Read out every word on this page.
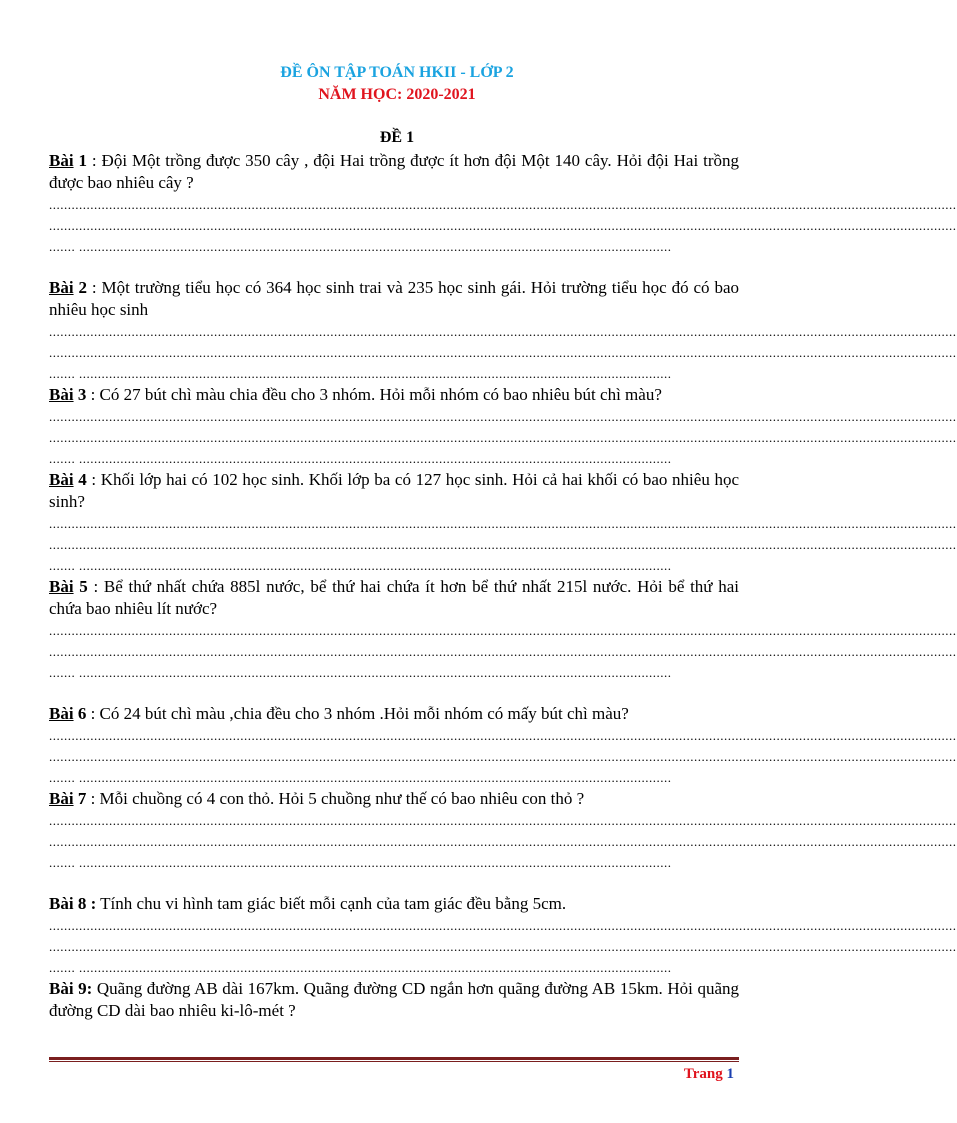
ĐỀ ÔN TẬP TOÁN HKII - LỚP 2
NĂM HỌC: 2020-2021
ĐỀ 1

Bài 1 : Đội Một trồng được 350 cây , đội Hai trồng được ít hơn đội Một 140 cây. Hỏi đội Hai trồng được bao nhiêu cây ?

..................................................................................................................................................................................................................................................
..................................................................................................................................................................................................................................................
....... ..............................................................................................................................................................

Bài 2 : Một trường tiểu học có 364 học sinh trai và 235 học sinh gái. Hỏi trường tiểu học đó có bao nhiêu học sinh

..................................................................................................................................................................................................................................................
..................................................................................................................................................................................................................................................
....... ..............................................................................................................................................................

Bài 3 : Có 27 bút chì màu chia đều cho 3 nhóm. Hỏi mỗi nhóm có bao nhiêu bút chì màu?

..................................................................................................................................................................................................................................................
..................................................................................................................................................................................................................................................
....... ..............................................................................................................................................................

Bài 4 : Khối lớp hai có 102 học sinh. Khối lớp ba có 127 học sinh. Hỏi cả hai khối có bao nhiêu học sinh?

..................................................................................................................................................................................................................................................
..................................................................................................................................................................................................................................................
....... ..............................................................................................................................................................

Bài 5 : Bể thứ nhất chứa 885l nước, bể thứ hai chứa ít hơn bể thứ nhất 215l nước. Hỏi bể thứ hai chứa bao nhiêu lít nước?

..................................................................................................................................................................................................................................................
..................................................................................................................................................................................................................................................
....... ..............................................................................................................................................................

Bài 6 : Có 24 bút chì màu ,chia đều cho 3 nhóm .Hỏi mỗi nhóm có mấy bút chì màu?

..................................................................................................................................................................................................................................................
..................................................................................................................................................................................................................................................
....... ..............................................................................................................................................................

Bài 7 : Mỗi chuồng có 4 con thỏ. Hỏi 5 chuồng như thế có bao nhiêu con thỏ ?

..................................................................................................................................................................................................................................................
..................................................................................................................................................................................................................................................
....... ..............................................................................................................................................................

Bài 8 : Tính chu vi hình tam giác biết mỗi cạnh của tam giác đều bằng 5cm.

..................................................................................................................................................................................................................................................
..................................................................................................................................................................................................................................................
....... ..............................................................................................................................................................

Bài 9: Quãng đường AB dài 167km. Quãng đường CD ngắn hơn quãng đường AB 15km. Hỏi quãng đường CD dài bao nhiêu ki-lô-mét ?

Trang 1
